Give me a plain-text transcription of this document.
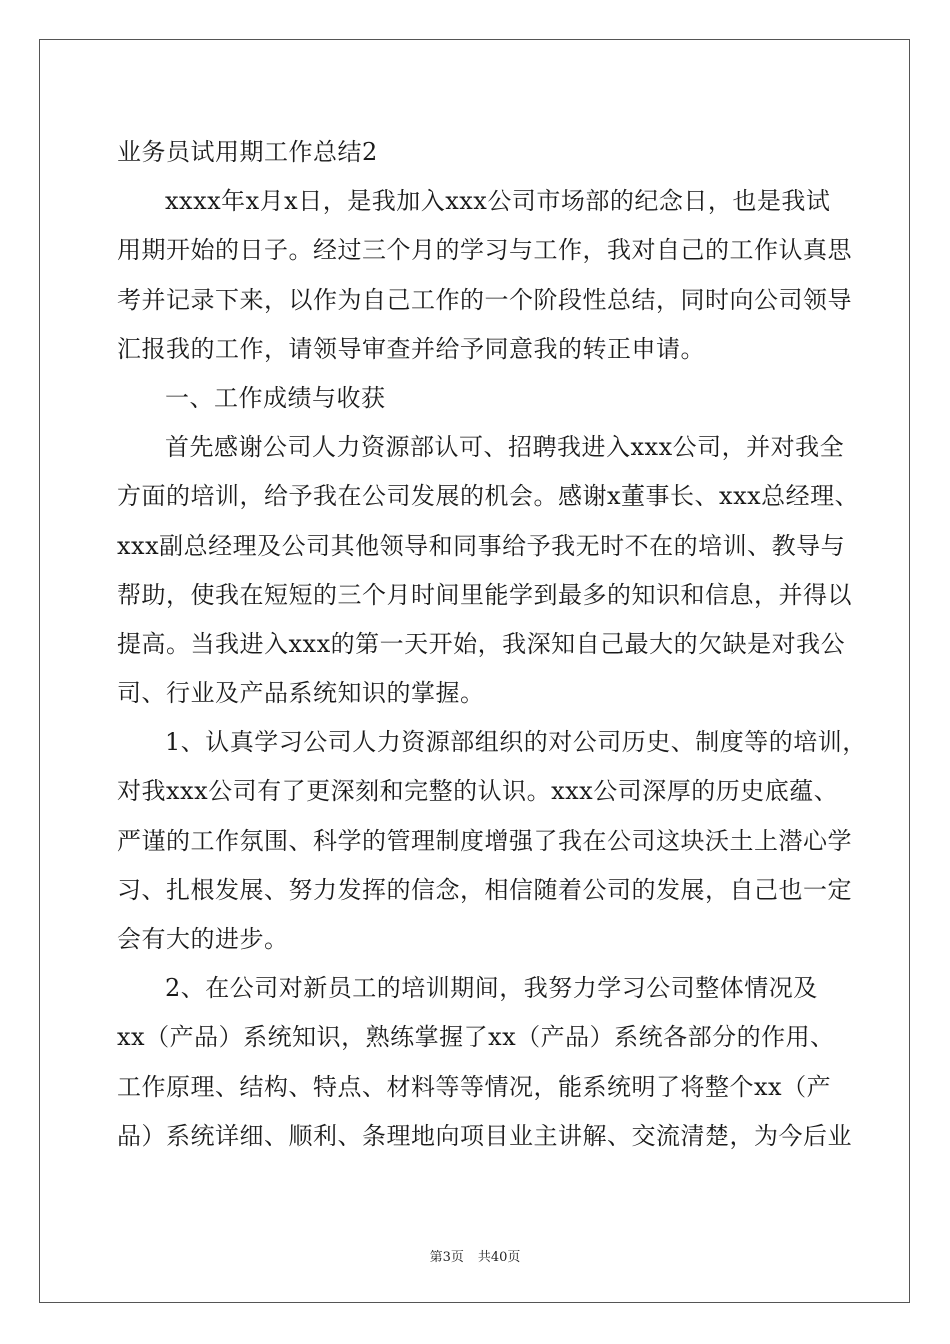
业务员试用期工作总结2
xxxx年x月x日，是我加入xxx公司市场部的纪念日，也是我试
用期开始的日子。经过三个月的学习与工作，我对自己的工作认真思
考并记录下来，以作为自己工作的一个阶段性总结，同时向公司领导
汇报我的工作，请领导审查并给予同意我的转正申请。
一、工作成绩与收获
首先感谢公司人力资源部认可、招聘我进入xxx公司，并对我全
方面的培训，给予我在公司发展的机会。感谢x董事长、xxx总经理、
xxx副总经理及公司其他领导和同事给予我无时不在的培训、教导与
帮助，使我在短短的三个月时间里能学到最多的知识和信息，并得以
提高。当我进入xxx的第一天开始，我深知自己最大的欠缺是对我公
司、行业及产品系统知识的掌握。
1、认真学习公司人力资源部组织的对公司历史、制度等的培训，
对我xxx公司有了更深刻和完整的认识。xxx公司深厚的历史底蕴、
严谨的工作氛围、科学的管理制度增强了我在公司这块沃土上潜心学
习、扎根发展、努力发挥的信念，相信随着公司的发展，自己也一定
会有大的进步。
2、在公司对新员工的培训期间，我努力学习公司整体情况及
xx（产品）系统知识，熟练掌握了xx（产品）系统各部分的作用、
工作原理、结构、特点、材料等等情况，能系统明了将整个xx（产
品）系统详细、顺利、条理地向项目业主讲解、交流清楚，为今后业
第3页 共40页
